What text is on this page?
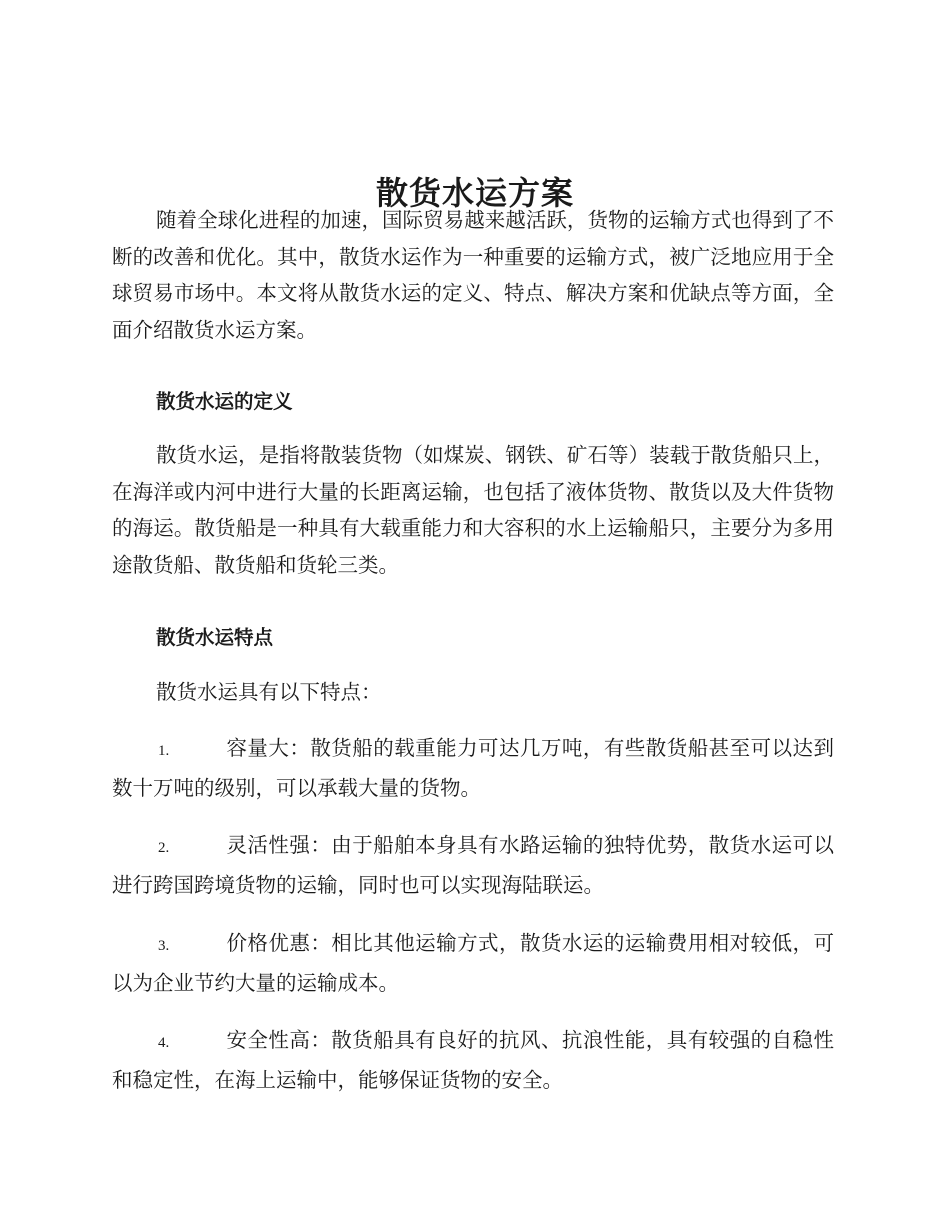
散货水运方案

随着全球化进程的加速，国际贸易越来越活跃，货物的运输方式也得到了不断的改善和优化。其中，散货水运作为一种重要的运输方式，被广泛地应用于全球贸易市场中。本文将从散货水运的定义、特点、解决方案和优缺点等方面，全面介绍散货水运方案。

散货水运的定义

散货水运，是指将散装货物（如煤炭、钢铁、矿石等）装载于散货船只上，在海洋或内河中进行大量的长距离运输，也包括了液体货物、散货以及大件货物的海运。散货船是一种具有大载重能力和大容积的水上运输船只，主要分为多用途散货船、散货船和货轮三类。

散货水运特点

散货水运具有以下特点：

1.	容量大：散货船的载重能力可达几万吨，有些散货船甚至可以达到数十万吨的级别，可以承载大量的货物。

2.	灵活性强：由于船舶本身具有水路运输的独特优势，散货水运可以进行跨国跨境货物的运输，同时也可以实现海陆联运。

3.	价格优惠：相比其他运输方式，散货水运的运输费用相对较低，可以为企业节约大量的运输成本。

4.	安全性高：散货船具有良好的抗风、抗浪性能，具有较强的自稳性和稳定性，在海上运输中，能够保证货物的安全。
